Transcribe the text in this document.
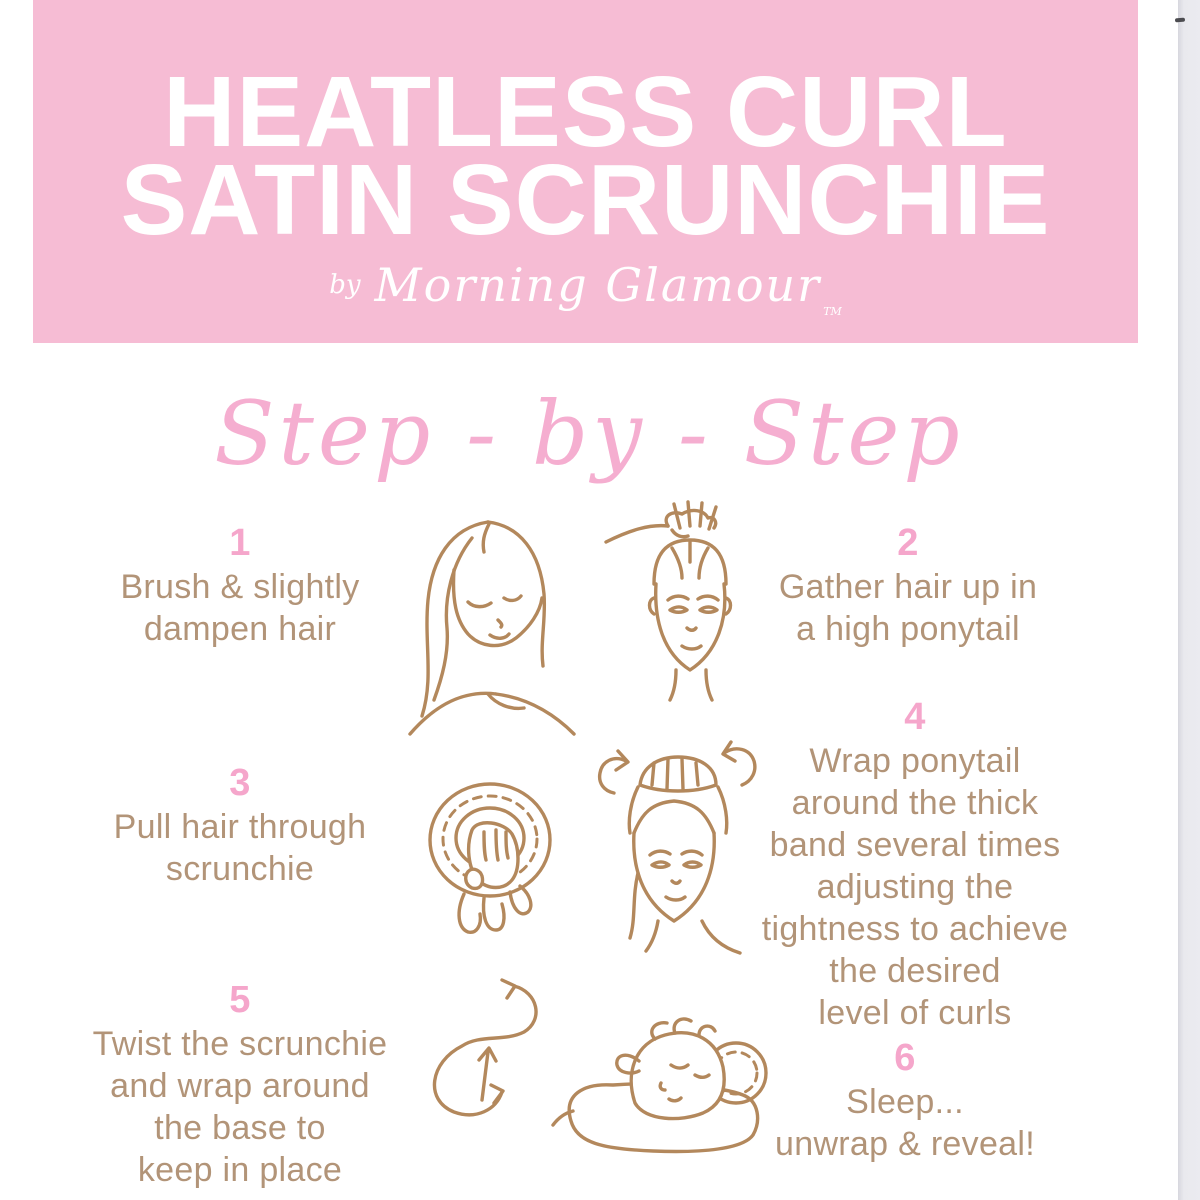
HEATLESS CURL
SATIN SCRUNCHIE
by Morning Glamour $_{TM}$
Step - by - Step
1
Brush & slightly
dampen hair
2
Gather hair up in
a high ponytail
3
Pull hair through
scrunchie
4
Wrap ponytail
around the thick
band several times
adjusting the
tightness to achieve
the desired
level of curls
5
Twist the scrunchie
and wrap around
the base to
keep in place
6
Sleep...
unwrap & reveal!
